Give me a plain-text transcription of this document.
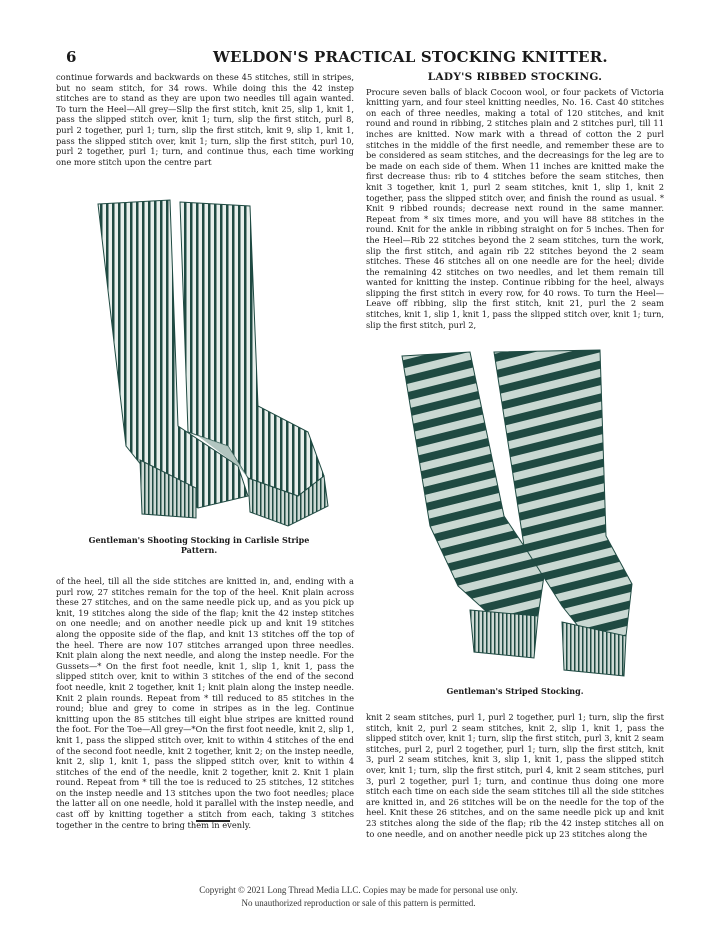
6	WELDON'S PRACTICAL STOCKING KNITTER.

continue forwards and backwards on these 45 stitches, still in stripes, but no seam stitch, for 34 rows. While doing this the 42 instep stitches are to stand as they are upon two needles till again wanted. To turn the Heel—All grey—Slip the first stitch, knit 25, slip 1, knit 1, pass the slipped stitch over, knit 1; turn, slip the first stitch, purl 8, purl 2 together, purl 1; turn, slip the first stitch, knit 9, slip 1, knit 1, pass the slipped stitch over, knit 1; turn, slip the first stitch, purl 10, purl 2 together, purl 1; turn, and continue thus, each time working one more stitch upon the centre part

LADY'S RIBBED STOCKING.

Procure seven balls of black Cocoon wool, or four packets of Victoria knitting yarn, and four steel knitting needles, No. 16. Cast 40 stitches on each of three needles, making a total of 120 stitches, and knit round and round in ribbing, 2 stitches plain and 2 stitches purl, till 11 inches are knitted. Now mark with a thread of cotton the 2 purl stitches in the middle of the first needle, and remember these are to be considered as seam stitches, and the decreasings for the leg are to be made on each side of them. When 11 inches are knitted make the first decrease thus: rib to 4 stitches before the seam stitches, then knit 3 together, knit 1, purl 2 seam stitches, knit 1, slip 1, knit 2 together, pass the slipped stitch over, and finish the round as usual. * Knit 9 ribbed rounds; decrease next round in the same manner. Repeat from * six times more, and you will have 88 stitches in the round. Knit for the ankle in ribbing straight on for 5 inches. Then for the Heel—Rib 22 stitches beyond the 2 seam stitches, turn the work, slip the first stitch, and again rib 22 stitches beyond the 2 seam stitches. These 46 stitches all on one needle are for the heel; divide the remaining 42 stitches on two needles, and let them remain till wanted for knitting the instep. Continue ribbing for the heel, always slipping the first stitch in every row, for 40 rows. To turn the Heel—Leave off ribbing, slip the first stitch, knit 21, purl the 2 seam stitches, knit 1, slip 1, knit 1, pass the slipped stitch over, knit 1; turn, slip the first stitch, purl 2,

Gentleman's Shooting Stocking in Carlisle Stripe Pattern.
Gentleman's Striped Stocking.

of the heel, till all the side stitches are knitted in, and, ending with a purl row, 27 stitches remain for the top of the heel. Knit plain across these 27 stitches, and on the same needle pick up, and as you pick up knit, 19 stitches along the side of the flap; knit the 42 instep stitches on one needle; and on another needle pick up and knit 19 stitches along the opposite side of the flap, and knit 13 stitches off the top of the heel. There are now 107 stitches arranged upon three needles. Knit plain along the next needle, and along the instep needle. For the Gussets—* On the first foot needle, knit 1, slip 1, knit 1, pass the slipped stitch over, knit to within 3 stitches of the end of the second foot needle, knit 2 together, knit 1; knit plain along the instep needle. Knit 2 plain rounds. Repeat from * till reduced to 85 stitches in the round; blue and grey to come in stripes as in the leg. Continue knitting upon the 85 stitches till eight blue stripes are knitted round the foot. For the Toe—All grey—*On the first foot needle, knit 2, slip 1, knit 1, pass the slipped stitch over, knit to within 4 stitches of the end of the second foot needle, knit 2 together, knit 2; on the instep needle, knit 2, slip 1, knit 1, pass the slipped stitch over, knit to within 4 stitches of the end of the needle, knit 2 together, knit 2. Knit 1 plain round. Repeat from * till the toe is reduced to 25 stitches, 12 stitches on the instep needle and 13 stitches upon the two foot needles; place the latter all on one needle, hold it parallel with the instep needle, and cast off by knitting together a stitch from each, taking 3 stitches together in the centre to bring them in evenly.

knit 2 seam stitches, purl 1, purl 2 together, purl 1; turn, slip the first stitch, knit 2, purl 2 seam stitches, knit 2, slip 1, knit 1, pass the slipped stitch over, knit 1; turn, slip the first stitch, purl 3, knit 2 seam stitches, purl 2, purl 2 together, purl 1; turn, slip the first stitch, knit 3, purl 2 seam stitches, knit 3, slip 1, knit 1, pass the slipped stitch over, knit 1; turn, slip the first stitch, purl 4, knit 2 seam stitches, purl 3, purl 2 together, purl 1; turn, and continue thus doing one more stitch each time on each side the seam stitches till all the side stitches are knitted in, and 26 stitches will be on the needle for the top of the heel. Knit these 26 stitches, and on the same needle pick up and knit 23 stitches along the side of the flap; rib the 42 instep stitches all on to one needle, and on another needle pick up 23 stitches along the

Copyright © 2021 Long Thread Media LLC. Copies may be made for personal use only.
No unauthorized reproduction or sale of this pattern is permitted.
